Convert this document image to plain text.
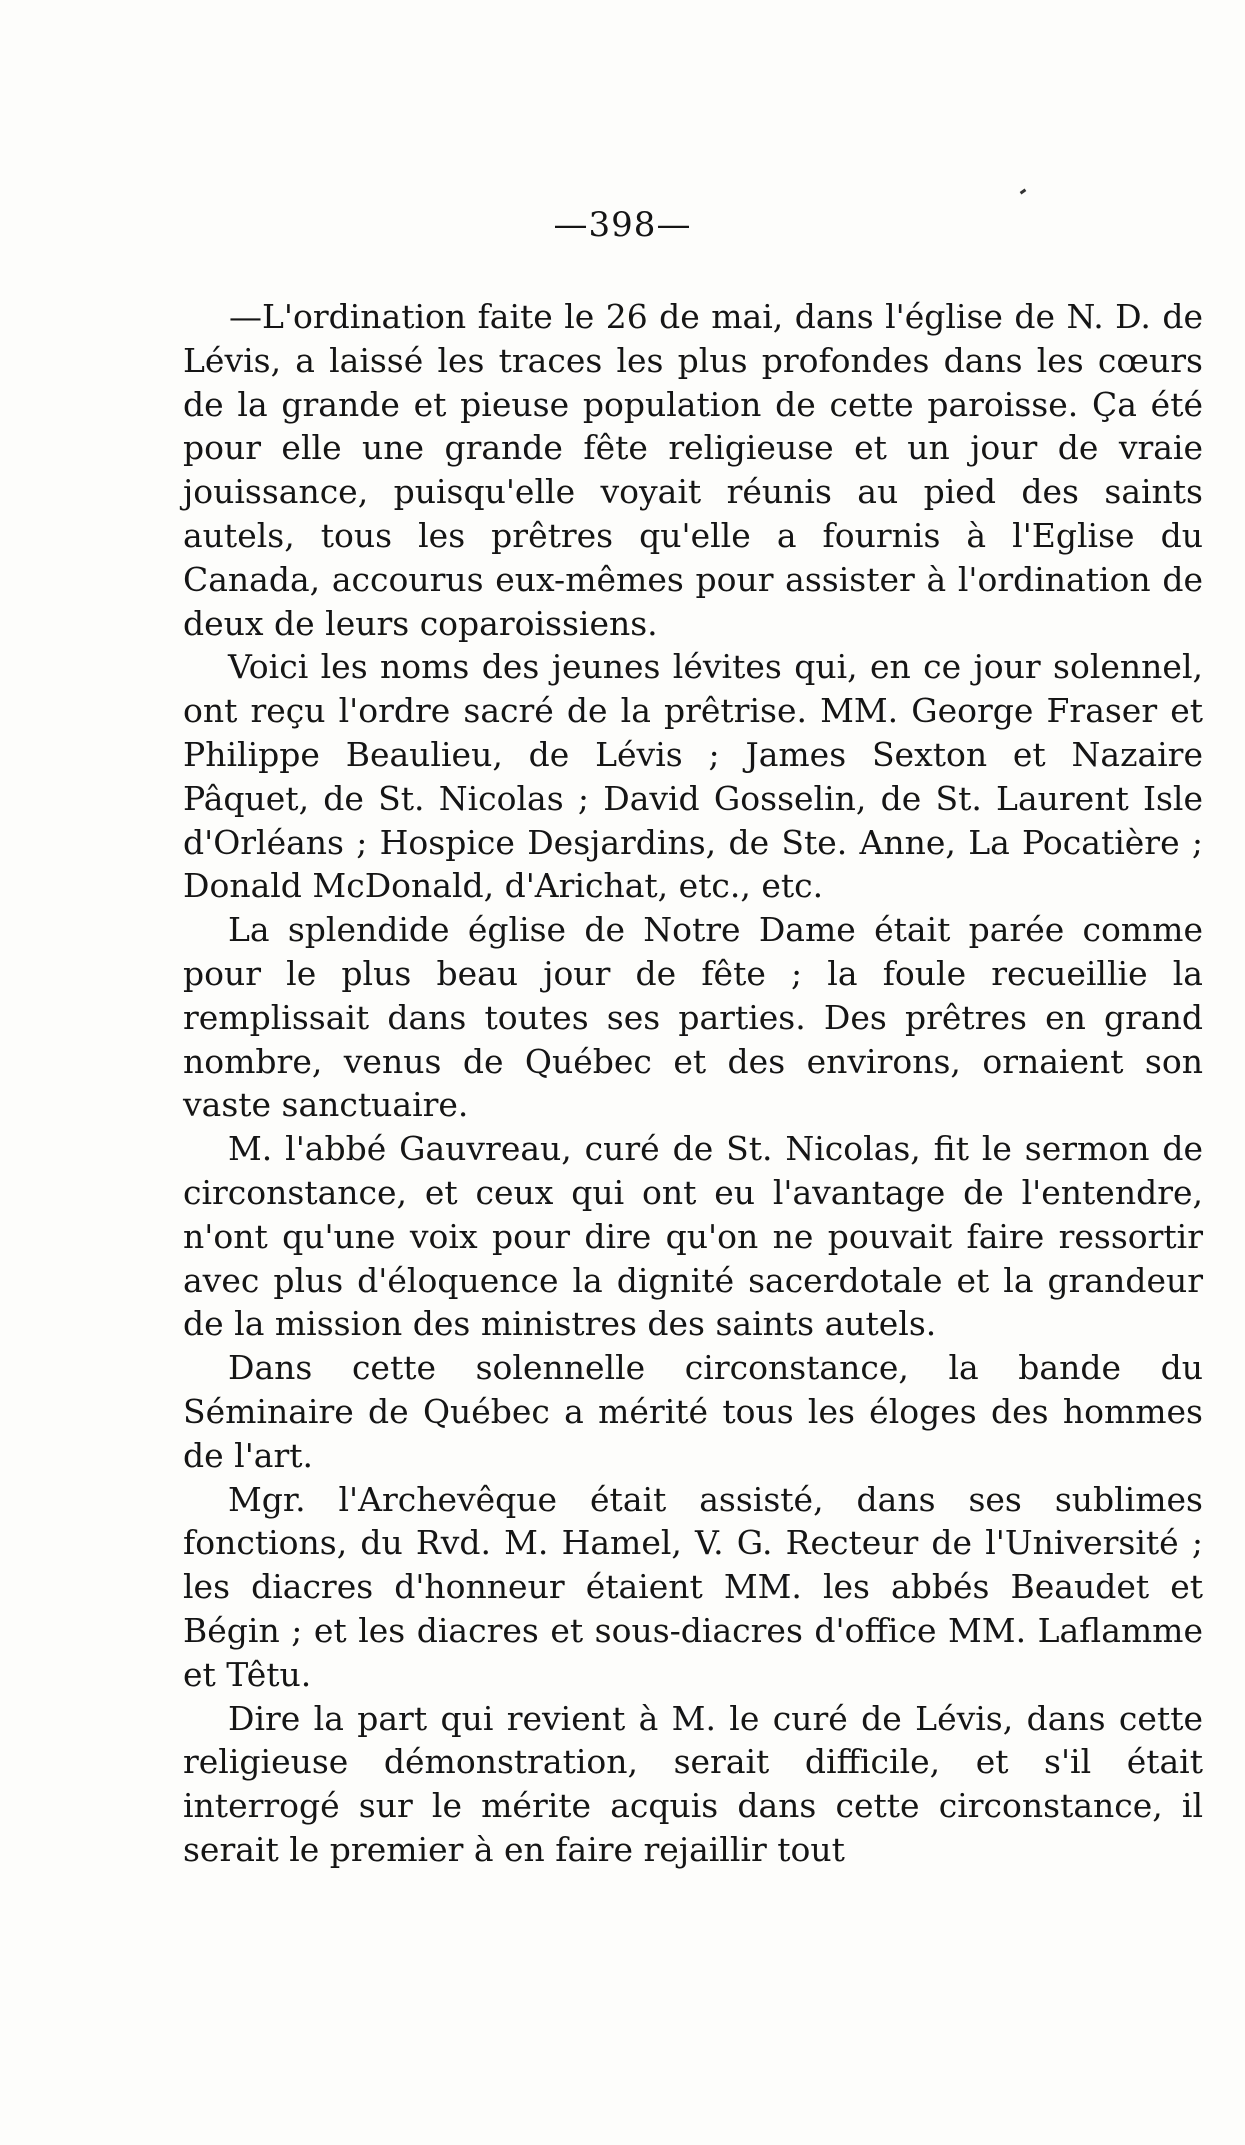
—398—

—L'ordination faite le 26 de mai, dans l'église de N. D. de Lévis, a laissé les traces les plus profondes dans les cœurs de la grande et pieuse population de cette paroisse. Ça été pour elle une grande fête religieuse et un jour de vraie jouissance, puisqu'elle voyait réunis au pied des saints autels, tous les prêtres qu'elle a fournis à l'Eglise du Canada, accourus eux-mêmes pour assister à l'ordination de deux de leurs coparoissiens.

Voici les noms des jeunes lévites qui, en ce jour solennel, ont reçu l'ordre sacré de la prêtrise. MM. George Fraser et Philippe Beaulieu, de Lévis ; James Sexton et Nazaire Pâquet, de St. Nicolas ; David Gosselin, de St. Laurent Isle d'Orléans ; Hospice Desjardins, de Ste. Anne, La Pocatière ; Donald McDonald, d'Arichat, etc., etc.

La splendide église de Notre Dame était parée comme pour le plus beau jour de fête ; la foule recueillie la remplissait dans toutes ses parties. Des prêtres en grand nombre, venus de Québec et des environs, ornaient son vaste sanctuaire.

M. l'abbé Gauvreau, curé de St. Nicolas, fit le sermon de circonstance, et ceux qui ont eu l'avantage de l'entendre, n'ont qu'une voix pour dire qu'on ne pouvait faire ressortir avec plus d'éloquence la dignité sacerdotale et la grandeur de la mission des ministres des saints autels.

Dans cette solennelle circonstance, la bande du Séminaire de Québec a mérité tous les éloges des hommes de l'art.

Mgr. l'Archevêque était assisté, dans ses sublimes fonctions, du Rvd. M. Hamel, V. G. Recteur de l'Université ; les diacres d'honneur étaient MM. les abbés Beaudet et Bégin ; et les diacres et sous-diacres d'office MM. Laflamme et Têtu.

Dire la part qui revient à M. le curé de Lévis, dans cette religieuse démonstration, serait difficile, et s'il était interrogé sur le mérite acquis dans cette circonstance, il serait le premier à en faire rejaillir tout
